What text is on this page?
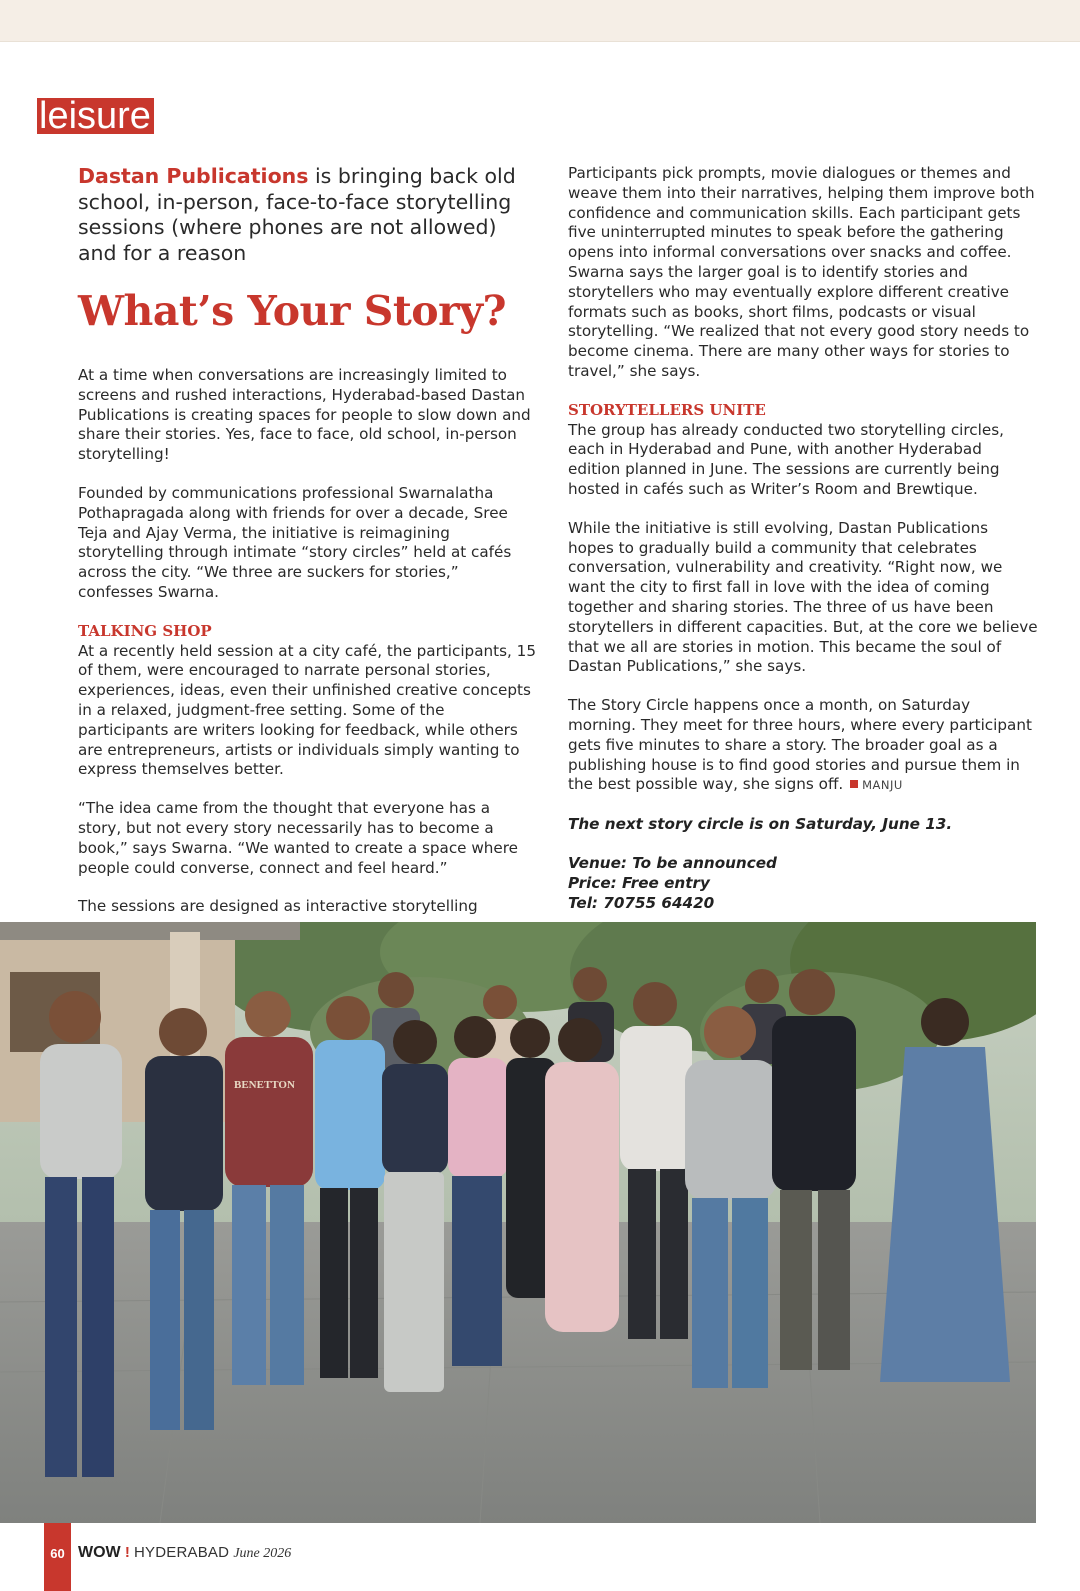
leisure

Dastan Publications is bringing back old school, in-person, face-to-face storytelling sessions (where phones are not allowed) and for a reason

What’s Your Story?

At a time when conversations are increasingly limited to screens and rushed interactions, Hyderabad-based Dastan Publications is creating spaces for people to slow down and share their stories. Yes, face to face, old school, in-person storytelling!

Founded by communications professional Swarnalatha Pothapragada along with friends for over a decade, Sree Teja and Ajay Verma, the initiative is reimagining storytelling through intimate “story circles” held at cafés across the city. “We three are suckers for stories,” confesses Swarna.

TALKING SHOP

At a recently held session at a city café, the participants, 15 of them, were encouraged to narrate personal stories, experiences, ideas, even their unfinished creative concepts in a relaxed, judgment-free setting. Some of the participants are writers looking for feedback, while others are entrepreneurs, artists or individuals simply wanting to express themselves better.

“The idea came from the thought that everyone has a story, but not every story necessarily has to become a book,” says Swarna. “We wanted to create a space where people could converse, connect and feel heard.”

The sessions are designed as interactive storytelling

Participants pick prompts, movie dialogues or themes and weave them into their narratives, helping them improve both confidence and communication skills. Each participant gets five uninterrupted minutes to speak before the gathering opens into informal conversations over snacks and coffee. Swarna says the larger goal is to identify stories and storytellers who may eventually explore different creative formats such as books, short films, podcasts or visual storytelling. “We realized that not every good story needs to become cinema. There are many other ways for stories to travel,” she says.

STORYTELLERS UNITE

The group has already conducted two storytelling circles, each in Hyderabad and Pune, with another Hyderabad edition planned in June. The sessions are currently being hosted in cafés such as Writer’s Room and Brewtique.

While the initiative is still evolving, Dastan Publications hopes to gradually build a community that celebrates conversation, vulnerability and creativity. “Right now, we want the city to first fall in love with the idea of coming together and sharing stories. The three of us have been storytellers in different capacities. But, at the core we believe that we all are stories in motion. This became the soul of Dastan Publications,” she says.

The Story Circle happens once a month, on Saturday morning. They meet for three hours, where every participant gets five minutes to share a story. The broader goal as a publishing house is to find good stories and pursue them in the best possible way, she signs off. MANJU

The next story circle is on Saturday, June 13.

Venue: To be announced
Price: Free entry
Tel: 70755 64420
BENETTON
60 WOW ! HYDERABAD June 2026
